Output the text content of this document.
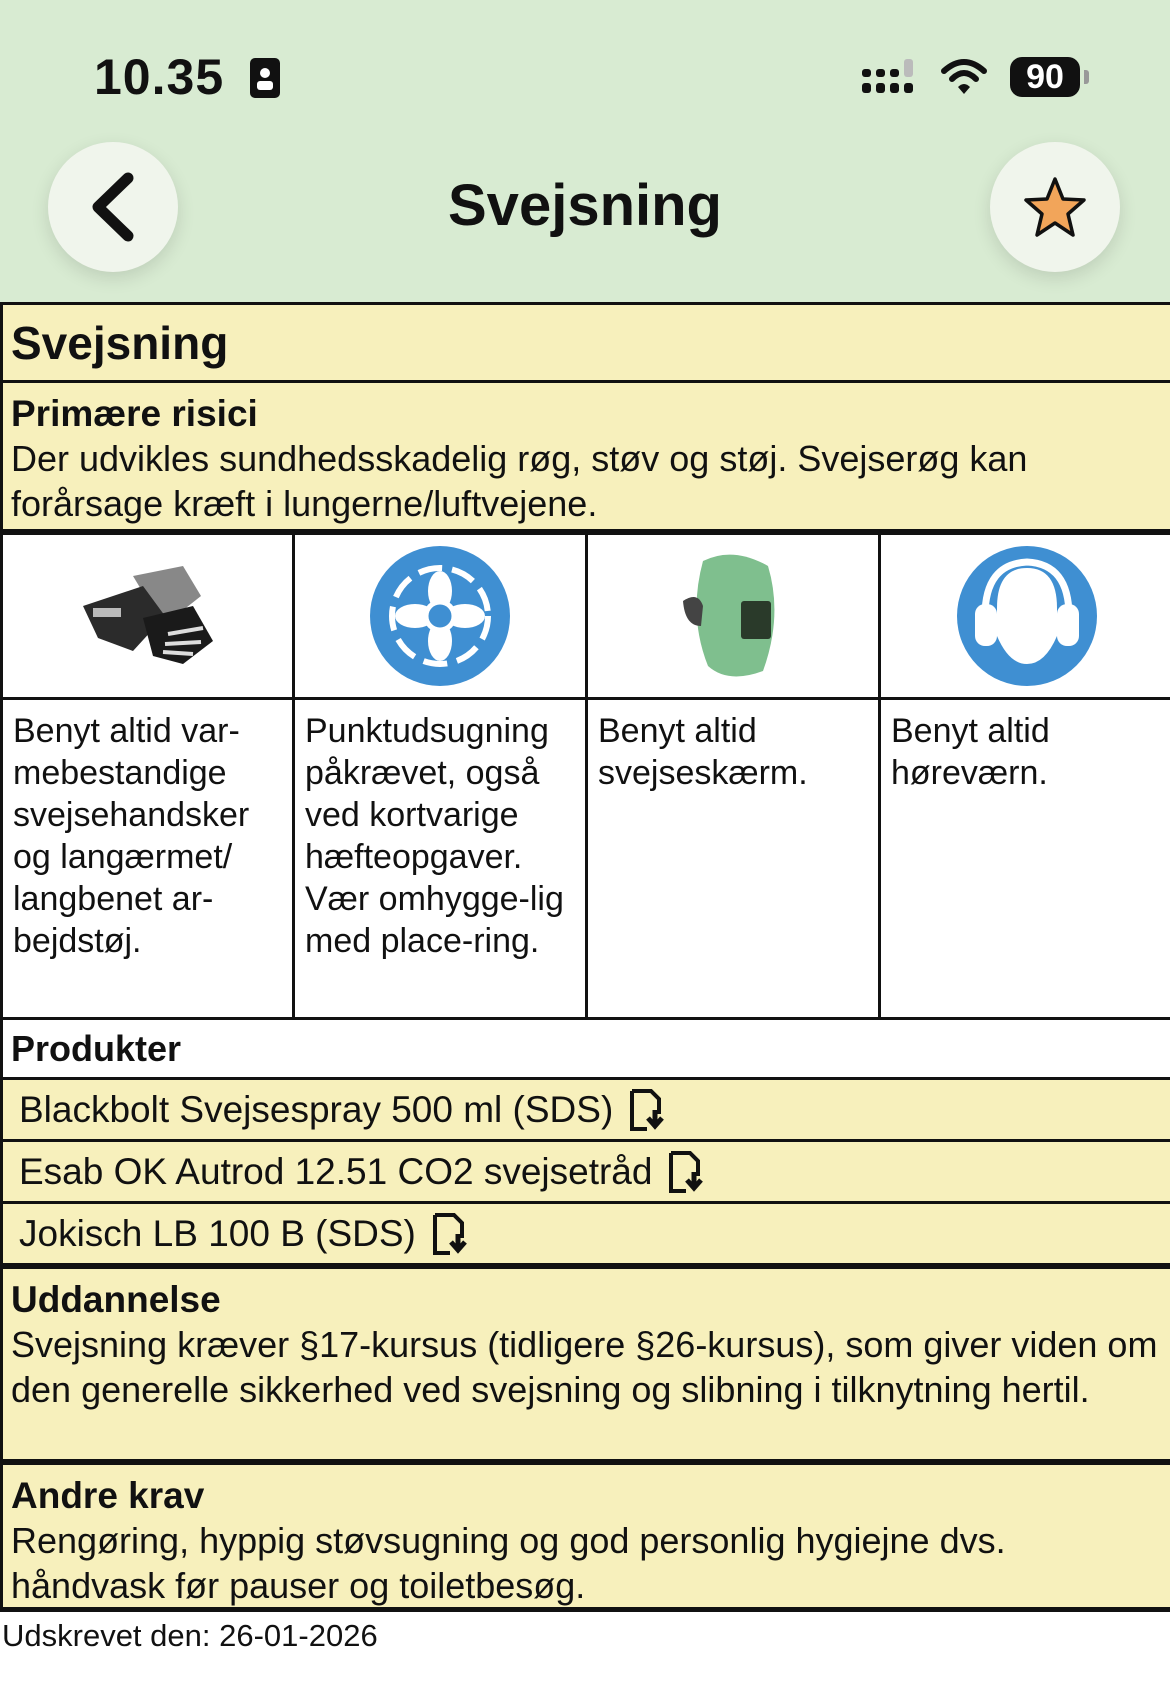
10.35	90
Svejsning
Svejsning
Primære risici
Der udvikles sundhedsskadelig røg, støv og støj. Svejserøg kan forårsage kræft i lungerne/luftvejene.
Benyt altid var-mebestandige svejsehandsker og langærmet/ langbenet ar-bejdstøj.
Punktudsugning påkrævet, også ved kortvarige hæfteopgaver. Vær omhygge-lig med place-ring.
Benyt altid svejseskærm.
Benyt altid høreværn.
Produkter
Blackbolt Svejsespray 500 ml (SDS)
Esab OK Autrod 12.51 CO2 svejsetråd
Jokisch LB 100 B (SDS)
Uddannelse
Svejsning kræver §17-kursus (tidligere §26-kursus), som giver viden om den generelle sikkerhed ved svejsning og slibning i tilknytning hertil.
Andre krav
Rengøring, hyppig støvsugning og god personlig hygiejne dvs. håndvask før pauser og toiletbesøg.
Udskrevet den: 26-01-2026
